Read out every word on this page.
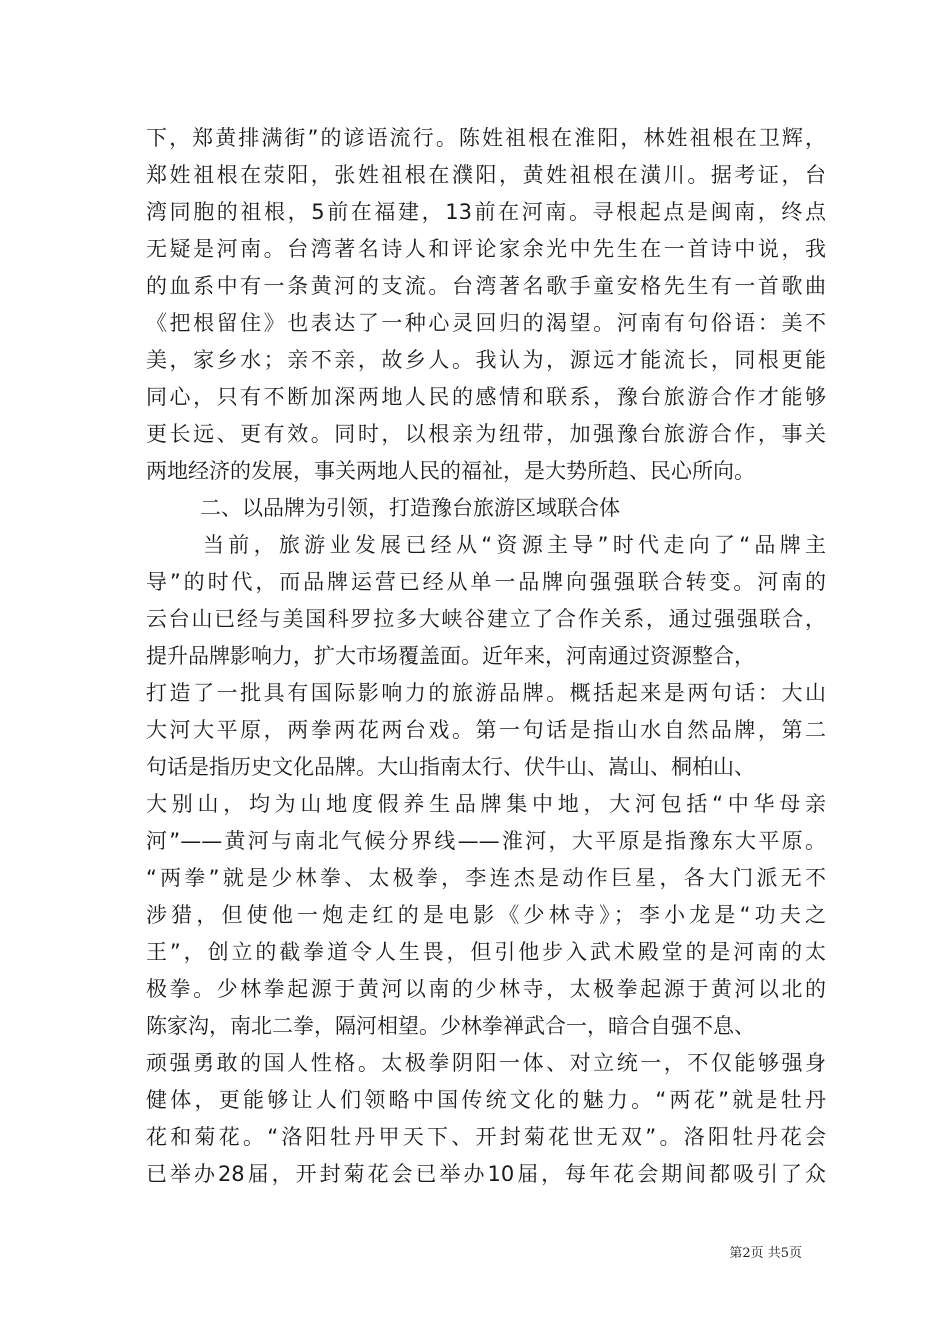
下，郑黄排满街”的谚语流行。陈姓祖根在淮阳，林姓祖根在卫辉，
郑姓祖根在荥阳，张姓祖根在濮阳，黄姓祖根在潢川。据考证，台
湾同胞的祖根，5前在福建，13前在河南。寻根起点是闽南，终点
无疑是河南。台湾著名诗人和评论家余光中先生在一首诗中说，我
的血系中有一条黄河的支流。台湾著名歌手童安格先生有一首歌曲
《把根留住》也表达了一种心灵回归的渴望。河南有句俗语：美不
美，家乡水；亲不亲，故乡人。我认为，源远才能流长，同根更能
同心，只有不断加深两地人民的感情和联系，豫台旅游合作才能够
更长远、更有效。同时，以根亲为纽带，加强豫台旅游合作，事关
两地经济的发展，事关两地人民的福祉，是大势所趋、民心所向。
二、以品牌为引领，打造豫台旅游区域联合体
当前，旅游业发展已经从“资源主导”时代走向了“品牌主
导”的时代，而品牌运营已经从单一品牌向强强联合转变。河南的
云台山已经与美国科罗拉多大峡谷建立了合作关系，通过强强联合，
提升品牌影响力，扩大市场覆盖面。近年来，河南通过资源整合，
打造了一批具有国际影响力的旅游品牌。概括起来是两句话：大山
大河大平原，两拳两花两台戏。第一句话是指山水自然品牌，第二
句话是指历史文化品牌。大山指南太行、伏牛山、嵩山、桐柏山、
大别山，均为山地度假养生品牌集中地，大河包括“中华母亲
河”——黄河与南北气候分界线——淮河，大平原是指豫东大平原。
“两拳”就是少林拳、太极拳，李连杰是动作巨星，各大门派无不
涉猎，但使他一炮走红的是电影《少林寺》；李小龙是“功夫之
王”，创立的截拳道令人生畏，但引他步入武术殿堂的是河南的太
极拳。少林拳起源于黄河以南的少林寺，太极拳起源于黄河以北的
陈家沟，南北二拳，隔河相望。少林拳禅武合一，暗合自强不息、
顽强勇敢的国人性格。太极拳阴阳一体、对立统一，不仅能够强身
健体，更能够让人们领略中国传统文化的魅力。“两花”就是牡丹
花和菊花。“洛阳牡丹甲天下、开封菊花世无双”。洛阳牡丹花会
已举办28届，开封菊花会已举办10届，每年花会期间都吸引了众
第2页 共5页
